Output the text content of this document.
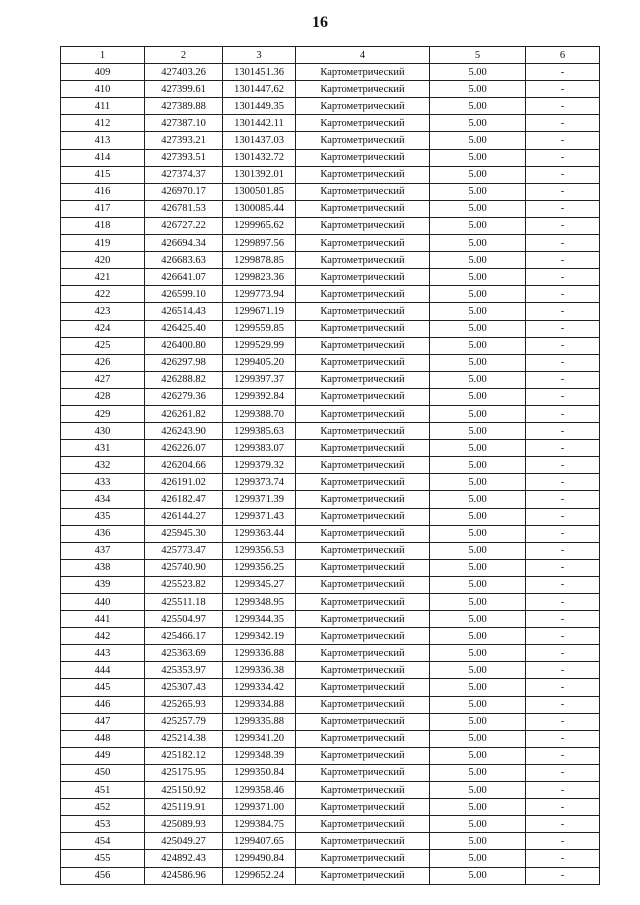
16
1	2	3	4	5	6
409	427403.26	1301451.36	Картометрический	5.00	-
410	427399.61	1301447.62	Картометрический	5.00	-
411	427389.88	1301449.35	Картометрический	5.00	-
412	427387.10	1301442.11	Картометрический	5.00	-
413	427393.21	1301437.03	Картометрический	5.00	-
414	427393.51	1301432.72	Картометрический	5.00	-
415	427374.37	1301392.01	Картометрический	5.00	-
416	426970.17	1300501.85	Картометрический	5.00	-
417	426781.53	1300085.44	Картометрический	5.00	-
418	426727.22	1299965.62	Картометрический	5.00	-
419	426694.34	1299897.56	Картометрический	5.00	-
420	426683.63	1299878.85	Картометрический	5.00	-
421	426641.07	1299823.36	Картометрический	5.00	-
422	426599.10	1299773.94	Картометрический	5.00	-
423	426514.43	1299671.19	Картометрический	5.00	-
424	426425.40	1299559.85	Картометрический	5.00	-
425	426400.80	1299529.99	Картометрический	5.00	-
426	426297.98	1299405.20	Картометрический	5.00	-
427	426288.82	1299397.37	Картометрический	5.00	-
428	426279.36	1299392.84	Картометрический	5.00	-
429	426261.82	1299388.70	Картометрический	5.00	-
430	426243.90	1299385.63	Картометрический	5.00	-
431	426226.07	1299383.07	Картометрический	5.00	-
432	426204.66	1299379.32	Картометрический	5.00	-
433	426191.02	1299373.74	Картометрический	5.00	-
434	426182.47	1299371.39	Картометрический	5.00	-
435	426144.27	1299371.43	Картометрический	5.00	-
436	425945.30	1299363.44	Картометрический	5.00	-
437	425773.47	1299356.53	Картометрический	5.00	-
438	425740.90	1299356.25	Картометрический	5.00	-
439	425523.82	1299345.27	Картометрический	5.00	-
440	425511.18	1299348.95	Картометрический	5.00	-
441	425504.97	1299344.35	Картометрический	5.00	-
442	425466.17	1299342.19	Картометрический	5.00	-
443	425363.69	1299336.88	Картометрический	5.00	-
444	425353.97	1299336.38	Картометрический	5.00	-
445	425307.43	1299334.42	Картометрический	5.00	-
446	425265.93	1299334.88	Картометрический	5.00	-
447	425257.79	1299335.88	Картометрический	5.00	-
448	425214.38	1299341.20	Картометрический	5.00	-
449	425182.12	1299348.39	Картометрический	5.00	-
450	425175.95	1299350.84	Картометрический	5.00	-
451	425150.92	1299358.46	Картометрический	5.00	-
452	425119.91	1299371.00	Картометрический	5.00	-
453	425089.93	1299384.75	Картометрический	5.00	-
454	425049.27	1299407.65	Картометрический	5.00	-
455	424892.43	1299490.84	Картометрический	5.00	-
456	424586.96	1299652.24	Картометрический	5.00	-
